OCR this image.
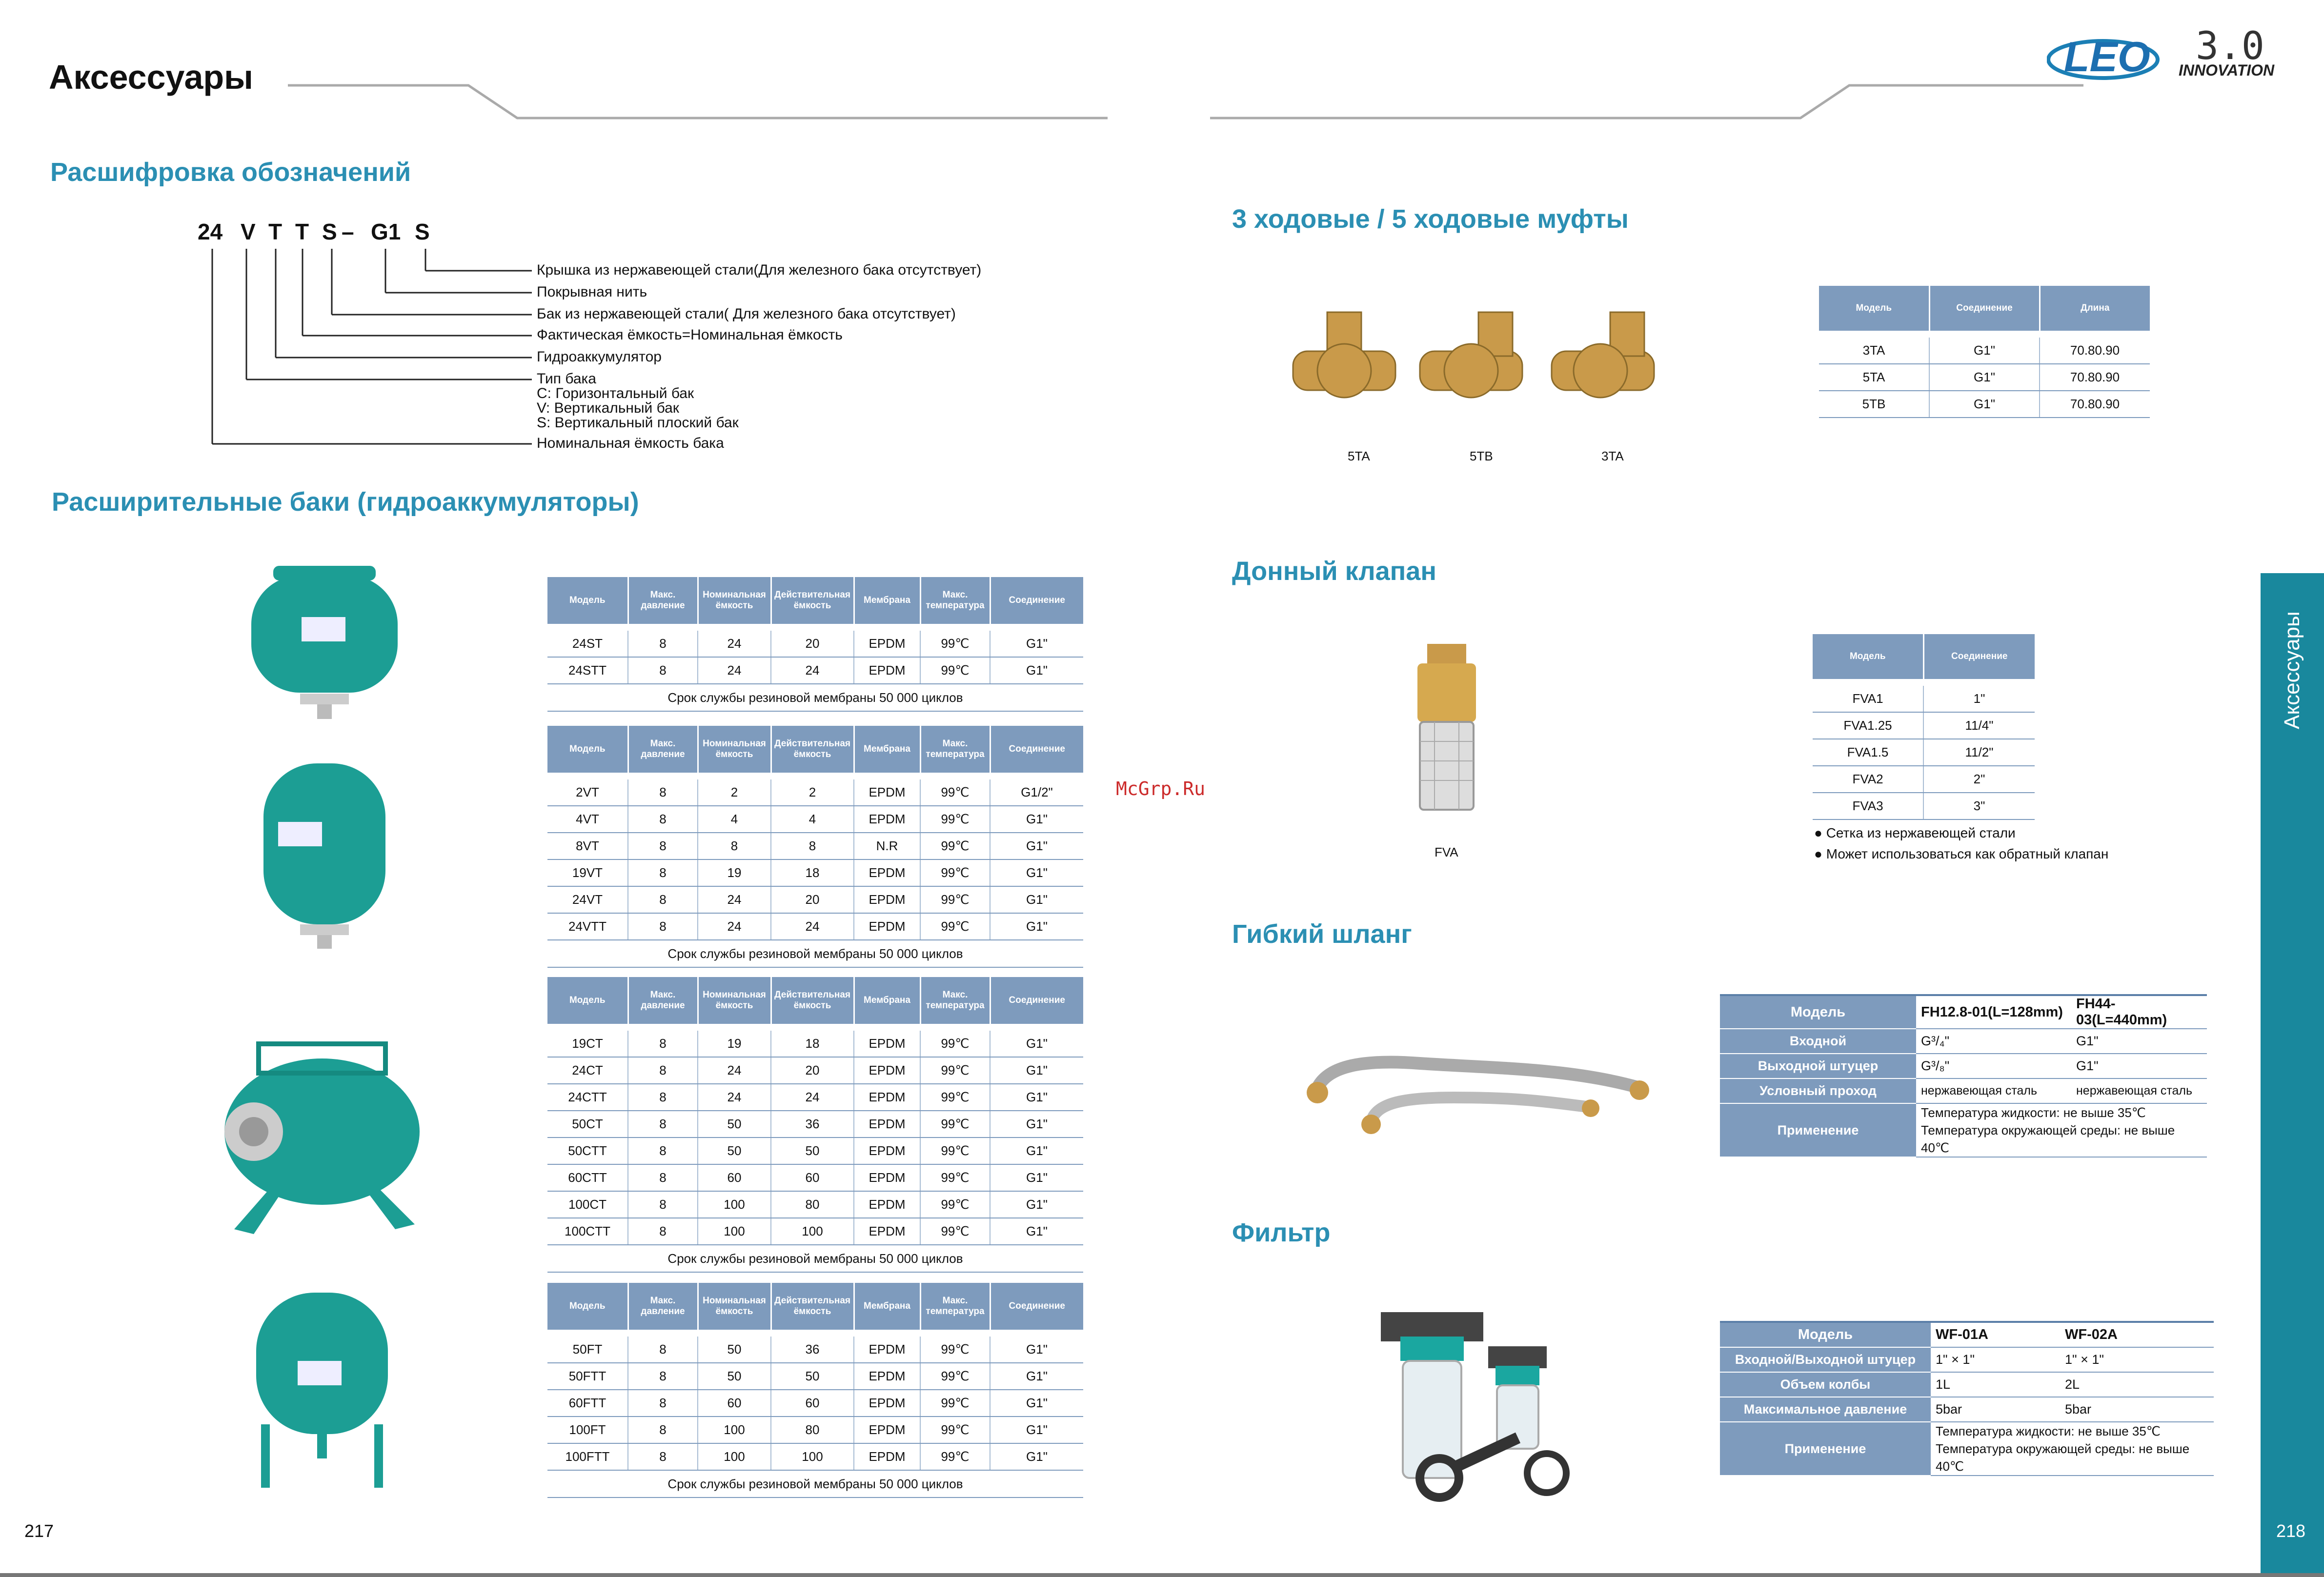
Аксессуары	LEO 3.0
INNOVATION
Расшифровка обозначений
24 V T T S – G1 S
Крышка из нержавеющей стали(Для железного бака отсутствует)
Покрывная нить
Бак из нержавеющей стали( Для железного бака отсутствует)
Фактическая ёмкость=Номинальная ёмкость
Гидроаккумулятор
Тип бака
C: Горизонтальный бак
V: Вертикальный бак
S: Вертикальный плоский бак
Номинальная ёмкость бака
Расширительные баки (гидроаккумуляторы)
Модель	Макс. давление	Номинальная ёмкость	Действительная ёмкость	Мембрана	Макс. температура	Соединение

24ST	8	24	20	EPDM	99℃	G1"
24STT	8	24	24	EPDM	99℃	G1"
Срок службы резиновой мембраны 50 000 циклов						
Модель	Макс. давление	Номинальная ёмкость	Действительная ёмкость	Мембрана	Макс. температура	Соединение

2VT	8	2	2	EPDM	99℃	G1/2"
4VT	8	4	4	EPDM	99℃	G1"
8VT	8	8	8	N.R	99℃	G1"
19VT	8	19	18	EPDM	99℃	G1"
24VT	8	24	20	EPDM	99℃	G1"
24VTT	8	24	24	EPDM	99℃	G1"
Срок службы резиновой мембраны 50 000 циклов						
Модель	Макс. давление	Номинальная ёмкость	Действительная ёмкость	Мембрана	Макс. температура	Соединение

19CT	8	19	18	EPDM	99℃	G1"
24CT	8	24	20	EPDM	99℃	G1"
24CTT	8	24	24	EPDM	99℃	G1"
50CT	8	50	36	EPDM	99℃	G1"
50CTT	8	50	50	EPDM	99℃	G1"
60CTT	8	60	60	EPDM	99℃	G1"
100CT	8	100	80	EPDM	99℃	G1"
100CTT	8	100	100	EPDM	99℃	G1"
Срок службы резиновой мембраны 50 000 циклов						
Модель	Макс. давление	Номинальная ёмкость	Действительная ёмкость	Мембрана	Макс. температура	Соединение

50FT	8	50	36	EPDM	99℃	G1"
50FTT	8	50	50	EPDM	99℃	G1"
60FTT	8	60	60	EPDM	99℃	G1"
100FT	8	100	80	EPDM	99℃	G1"
100FTT	8	100	100	EPDM	99℃	G1"
Срок службы резиновой мембраны 50 000 циклов						
McGrp.Ru
3 ходовые / 5 ходовые муфты
5TA	5TB	3TA
Модель	Соединение	Длина

3TA	G1"	70.80.90
5TA	G1"	70.80.90
5TB	G1"	70.80.90
Донный клапан
FVA
Модель	Соединение

FVA1	1"
FVA1.25	11/4"
FVA1.5	11/2"
FVA2	2"
FVA3	3"
● Сетка из нержавеющей стали
● Может использоваться как обратный клапан
Гибкий шланг
Модель	FH12.8-01(L=128mm)	FH44-03(L=440mm)
Входной	G³/₄"	G1"
Выходной штуцер	G³/₈"	G1"
Условный проход	нержавеющая сталь	нержавеющая сталь
Применение	Температура жидкости: не выше 35℃
Температура окружающей среды: не выше 40℃	
Фильтр
Модель	WF-01A	WF-02A
Входной/Выходной штуцер	1" × 1"	1" × 1"
Объем колбы	1L	2L
Максимальное давление	5bar	5bar
Применение	Температура жидкости: не выше 35℃
Температура окружающей среды: не выше 40℃	
Аксессуары
217	218
